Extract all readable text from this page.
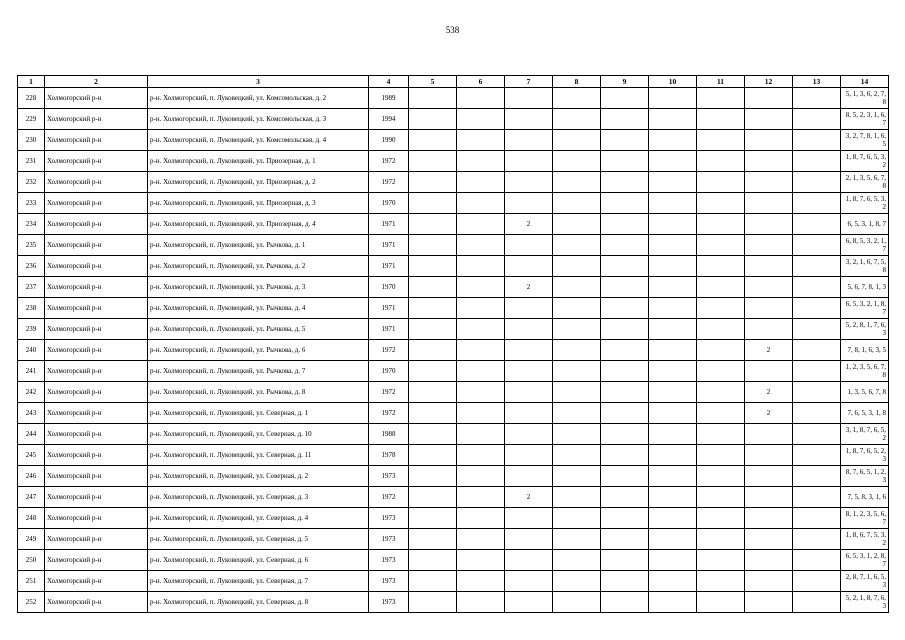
538
1	2	3	4	5	6	7	8	9	10	11	12	13	14
228	Холмогорский р-н	р-н. Холмогорский, п. Луковецкий, ул. Комсомольская, д. 2	1989										5, 1, 3, 6, 2, 7, 8
229	Холмогорский р-н	р-н. Холмогорский, п. Луковецкий, ул. Комсомольская, д. 3	1994										8, 5, 2, 3, 1, 6, 7
230	Холмогорский р-н	р-н. Холмогорский, п. Луковецкий, ул. Комсомольская, д. 4	1990										3, 2, 7, 8, 1, 6, 5
231	Холмогорский р-н	р-н. Холмогорский, п. Луковецкий, ул. Приозерная, д. 1	1972										1, 8, 7, 6, 5, 3, 2
232	Холмогорский р-н	р-н. Холмогорский, п. Луковецкий, ул. Приозерная, д. 2	1972										2, 1, 3, 5, 6, 7, 8
233	Холмогорский р-н	р-н. Холмогорский, п. Луковецкий, ул. Приозерная, д. 3	1970										1, 8, 7, 6, 5, 3, 2
234	Холмогорский р-н	р-н. Холмогорский, п. Луковецкий, ул. Приозерная, д. 4	1971			2							6, 5, 3, 1, 8, 7
235	Холмогорский р-н	р-н. Холмогорский, п. Луковецкий, ул. Рычкова, д. 1	1971										6, 8, 5, 3, 2, 1, 7
236	Холмогорский р-н	р-н. Холмогорский, п. Луковецкий, ул. Рычкова, д. 2	1971										3, 2, 1, 6, 7, 5, 8
237	Холмогорский р-н	р-н. Холмогорский, п. Луковецкий, ул. Рычкова, д. 3	1970			2							5, 6, 7, 8, 1, 3
238	Холмогорский р-н	р-н. Холмогорский, п. Луковецкий, ул. Рычкова, д. 4	1971										6, 5, 3, 2, 1, 8, 7
239	Холмогорский р-н	р-н. Холмогорский, п. Луковецкий, ул. Рычкова, д. 5	1971										5, 2, 8, 1, 7, 6, 3
240	Холмогорский р-н	р-н. Холмогорский, п. Луковецкий, ул. Рычкова, д. 6	1972								2		7, 8, 1, 6, 3, 5
241	Холмогорский р-н	р-н. Холмогорский, п. Луковецкий, ул. Рычкова, д. 7	1970										1, 2, 3, 5, 6, 7, 8
242	Холмогорский р-н	р-н. Холмогорский, п. Луковецкий, ул. Рычкова, д. 8	1972								2		1, 3, 5, 6, 7, 8
243	Холмогорский р-н	р-н. Холмогорский, п. Луковецкий, ул. Северная, д. 1	1972								2		7, 6, 5, 3, 1, 8
244	Холмогорский р-н	р-н. Холмогорский, п. Луковецкий, ул. Северная, д. 10	1988										3, 1, 8, 7, 6, 5, 2
245	Холмогорский р-н	р-н. Холмогорский, п. Луковецкий, ул. Северная, д. 11	1978										1, 8, 7, 6, 5, 2, 3
246	Холмогорский р-н	р-н. Холмогорский, п. Луковецкий, ул. Северная, д. 2	1973										8, 7, 6, 5, 1, 2, 3
247	Холмогорский р-н	р-н. Холмогорский, п. Луковецкий, ул. Северная, д. 3	1972			2							7, 5, 8, 3, 1, 6
248	Холмогорский р-н	р-н. Холмогорский, п. Луковецкий, ул. Северная, д. 4	1973										8, 1, 2, 3, 5, 6, 7
249	Холмогорский р-н	р-н. Холмогорский, п. Луковецкий, ул. Северная, д. 5	1973										1, 8, 6, 7, 5, 3, 2
250	Холмогорский р-н	р-н. Холмогорский, п. Луковецкий, ул. Северная, д. 6	1973										6, 5, 3, 1, 2, 8, 7
251	Холмогорский р-н	р-н. Холмогорский, п. Луковецкий, ул. Северная, д. 7	1973										2, 8, 7, 1, 6, 5, 3
252	Холмогорский р-н	р-н. Холмогорский, п. Луковецкий, ул. Северная, д. 8	1973										5, 2, 1, 8, 7, 6, 3
